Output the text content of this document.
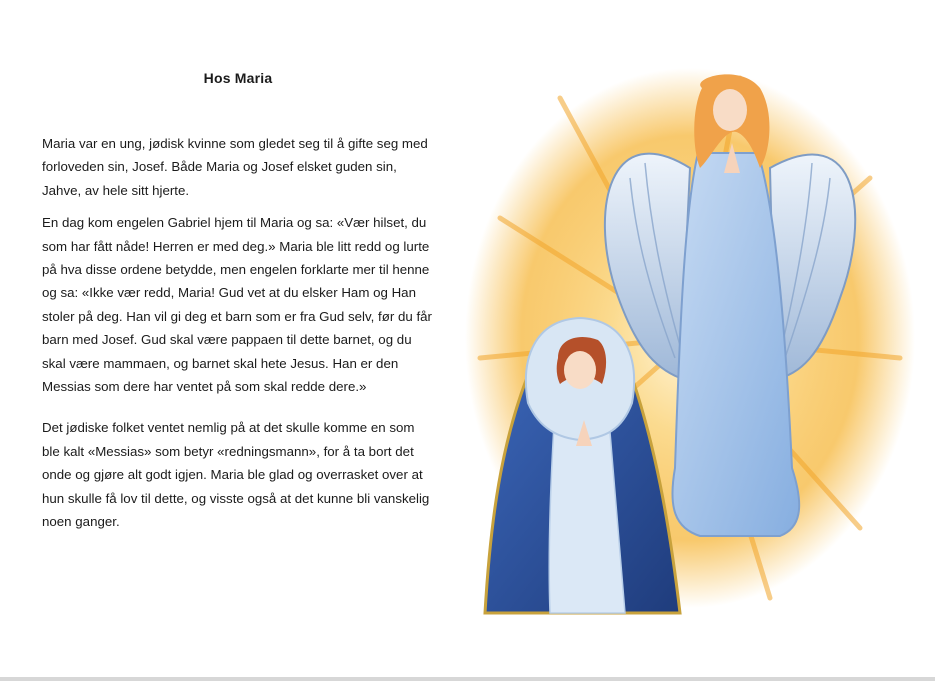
Hos Maria

Maria var en ung, jødisk kvinne som gledet seg til å gifte seg med forloveden sin, Josef. Både Maria og Josef elsket guden sin, Jahve, av hele sitt hjerte.

En dag kom engelen Gabriel hjem til Maria og sa: «Vær hilset, du som har fått nåde! Herren er med deg.» Maria ble litt redd og lurte på hva disse ordene betydde, men engelen forklarte mer til henne og sa: «Ikke vær redd, Maria! Gud vet at du elsker Ham og Han stoler på deg. Han vil gi deg et barn som er fra Gud selv, før du får barn med Josef. Gud skal være pappaen til dette barnet, og du skal være mammaen, og barnet skal hete Jesus. Han er den Messias som dere har ventet på som skal redde dere.»

Det jødiske folket ventet nemlig på at det skulle komme en som ble kalt «Messias» som betyr «redningsmann», for å ta bort det onde og gjøre alt godt igjen. Maria ble glad og overrasket over at hun skulle få lov til dette, og visste også at det kunne bli vanskelig noen ganger.
